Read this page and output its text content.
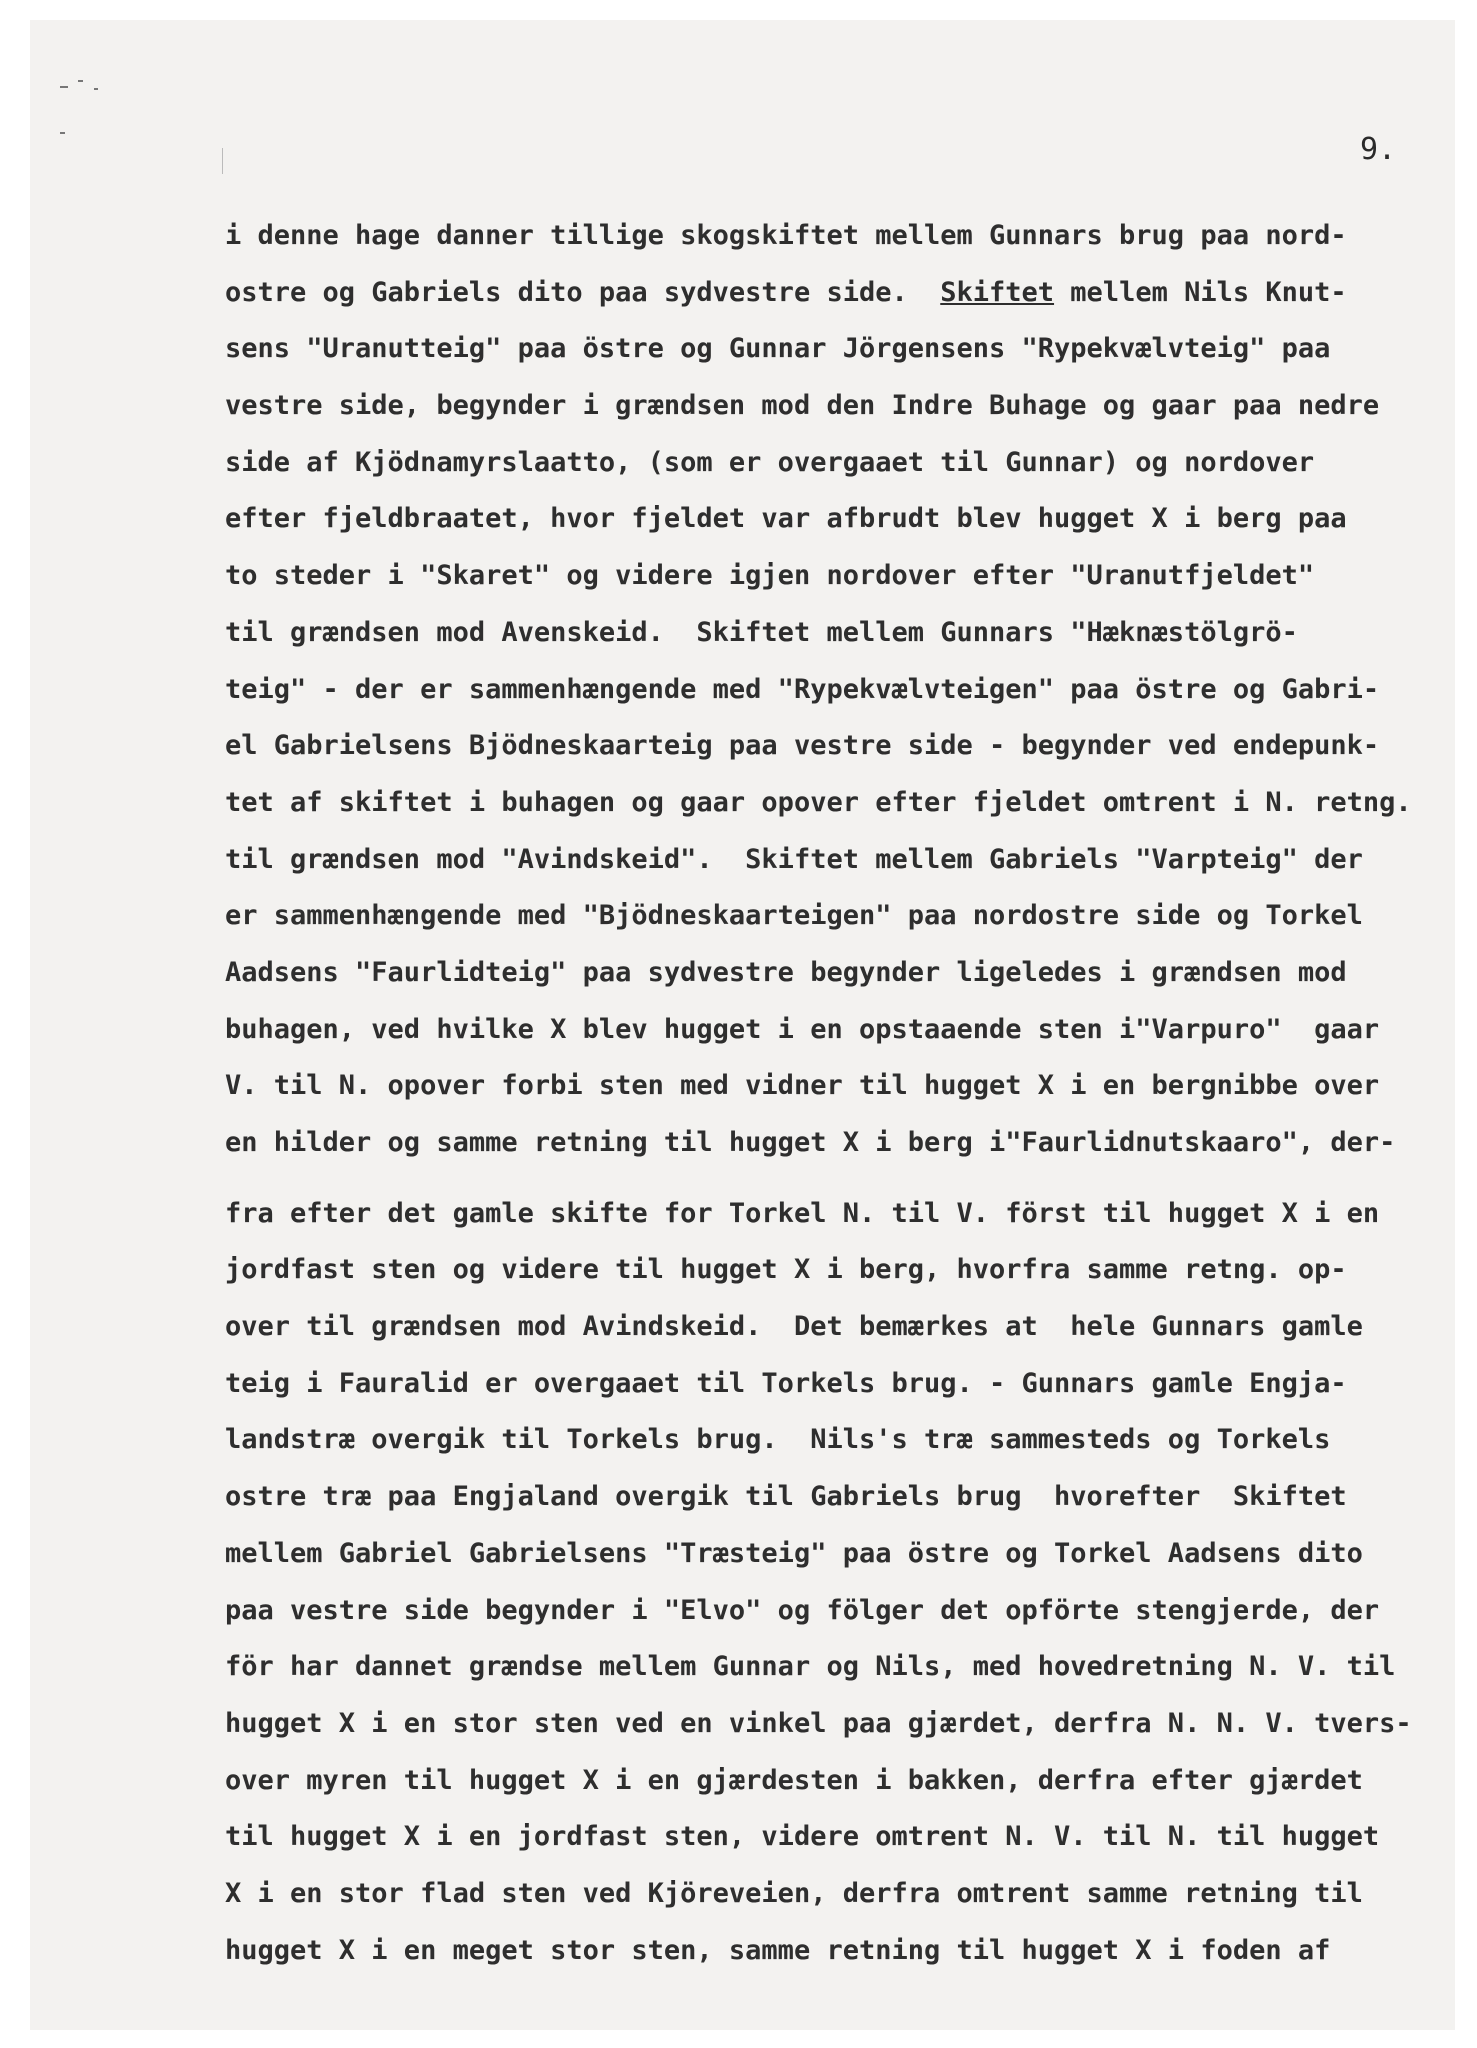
9.
i denne hage danner tillige skogskiftet mellem Gunnars brug paa nord-
ostre og Gabriels dito paa sydvestre side.  Skiftet mellem Nils Knut-
sens "Uranutteig" paa östre og Gunnar Jörgensens "Rypekvælvteig" paa
vestre side, begynder i grændsen mod den Indre Buhage og gaar paa nedre
side af Kjödnamyrslaatto, (som er overgaaet til Gunnar) og nordover
efter fjeldbraatet, hvor fjeldet var afbrudt blev hugget X i berg paa
to steder i "Skaret" og videre igjen nordover efter "Uranutfjeldet"
til grændsen mod Avenskeid.  Skiftet mellem Gunnars "Hæknæstölgrö-
teig" - der er sammenhængende med "Rypekvælvteigen" paa östre og Gabri-
el Gabrielsens Bjödneskaarteig paa vestre side - begynder ved endepunk-
tet af skiftet i buhagen og gaar opover efter fjeldet omtrent i N. retng.
til grændsen mod "Avindskeid".  Skiftet mellem Gabriels "Varpteig" der
er sammenhængende med "Bjödneskaarteigen" paa nordostre side og Torkel
Aadsens "Faurlidteig" paa sydvestre begynder ligeledes i grændsen mod
buhagen, ved hvilke X blev hugget i en opstaaende sten i"Varpuro"  gaar
V. til N. opover forbi sten med vidner til hugget X i en bergnibbe over
en hilder og samme retning til hugget X i berg i"Faurlidnutskaaro", der-
fra efter det gamle skifte for Torkel N. til V. först til hugget X i en
jordfast sten og videre til hugget X i berg, hvorfra samme retng. op-
over til grændsen mod Avindskeid.  Det bemærkes at  hele Gunnars gamle
teig i Fauralid er overgaaet til Torkels brug. - Gunnars gamle Engja-
landstræ overgik til Torkels brug.  Nils's træ sammesteds og Torkels
ostre træ paa Engjaland overgik til Gabriels brug  hvorefter  Skiftet
mellem Gabriel Gabrielsens "Træsteig" paa östre og Torkel Aadsens dito
paa vestre side begynder i "Elvo" og fölger det opförte stengjerde, der
för har dannet grændse mellem Gunnar og Nils, med hovedretning N. V. til
hugget X i en stor sten ved en vinkel paa gjærdet, derfra N. N. V. tvers-
over myren til hugget X i en gjærdesten i bakken, derfra efter gjærdet
til hugget X i en jordfast sten, videre omtrent N. V. til N. til hugget
X i en stor flad sten ved Kjöreveien, derfra omtrent samme retning til
hugget X i en meget stor sten, samme retning til hugget X i foden af
